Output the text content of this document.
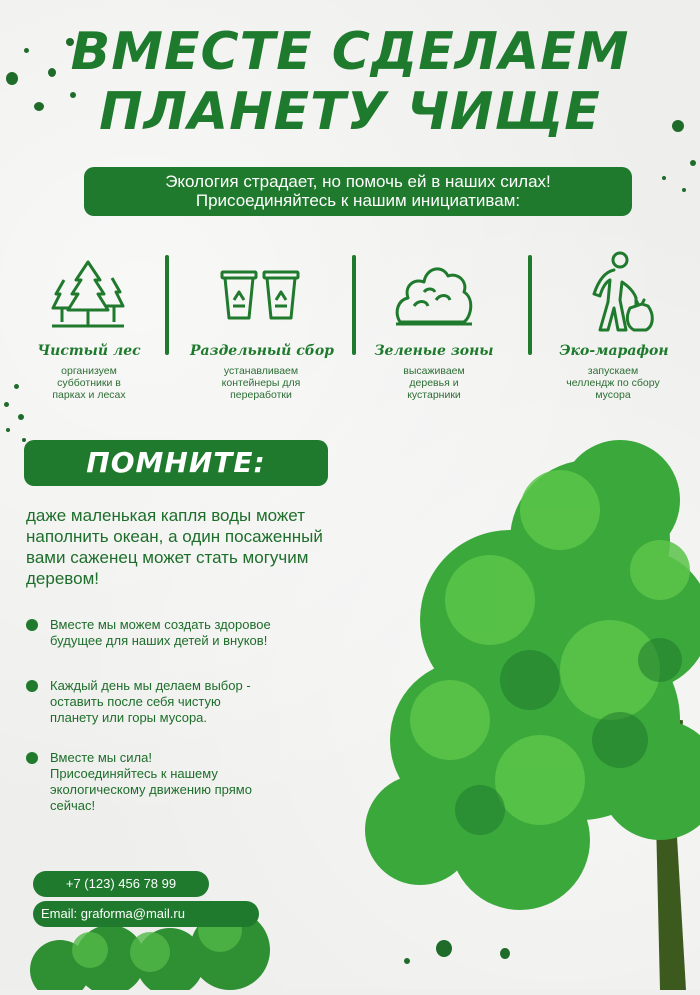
ВМЕСТЕ СДЕЛАЕМ
ПЛАНЕТУ ЧИЩЕ
Экология страдает, но помочь ей в наших силах!
Присоединяйтесь к нашим инициативам:
Чистый лес
организуем
субботники в
парках и лесах
Раздельный сбор
устанавливаем
контейнеры для
переработки
Зеленые зоны
высаживаем
деревья и
кустарники
Эко-марафон
запускаем
челлендж по сбору
мусора
ПОМНИТЕ:
даже маленькая капля воды может
наполнить океан, а один посаженный
вами саженец может стать могучим
деревом!
Вместе мы можем создать здоровое
будущее для наших детей и внуков!
Каждый день мы делаем выбор -
оставить после себя чистую
планету или горы мусора.
Вместе мы сила!
Присоединяйтесь к нашему
экологическому движению прямо
сейчас!
+7 (123) 456 78 99
Email: graforma@mail.ru
